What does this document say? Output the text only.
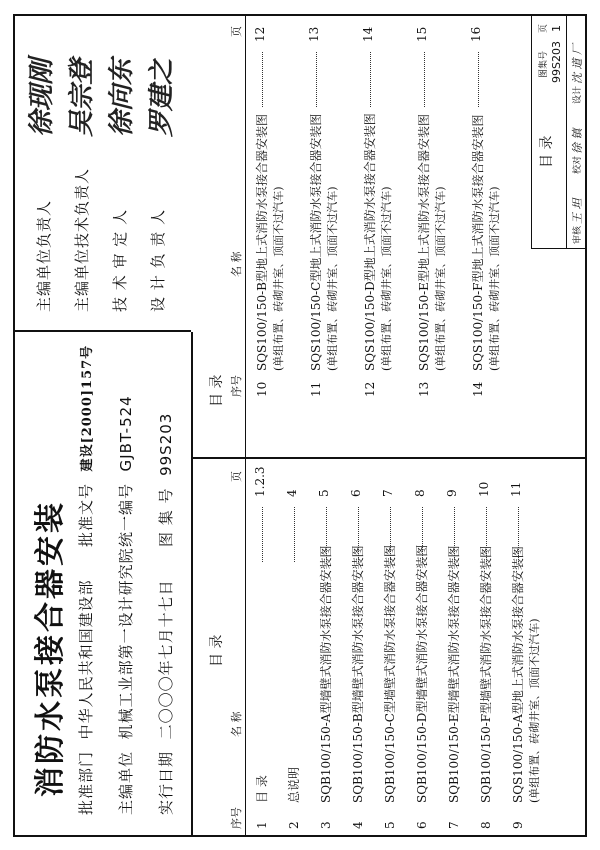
消防水泵接合器安装 批准部门  中华人民共和国建设部
主编单位  机械工业部第一设计研究院
实行日期  二〇〇〇年七月十七日
批准文号  建设[2000]157号
统一编号  GJBT-524
图 集 号  99S203
主编单位负责人 主编单位技术负责人 技 术 审 定 人 设 计 负 责 人
徐现刚 吴宗登 徐向东 罗建之
目 录
目 录
序号
名 称
页
序号
名 称
页
1目 录
1.2.3
2总说明
4
3SQB100/150-A型墙壁式消防水泵接合器安装图
5
4SQB100/150-B型墙壁式消防水泵接合器安装图
6
5SQB100/150-C型墙壁式消防水泵接合器安装图
7
6SQB100/150-D型墙壁式消防水泵接合器安装图
8
7SQB100/150-E型墙壁式消防水泵接合器安装图
9
8SQB100/150-F型墙壁式消防水泵接合器安装图
10
9SQS100/150-A型地上式消防水泵接合器安装图
11
(单组布置、砖砌井室、顶面不过汽车)
10SQS100/150-B型地上式消防水泵接合器安装图
12
(单组布置、砖砌井室、顶面不过汽车)
11SQS100/150-C型地上式消防水泵接合器安装图
13
(单组布置、砖砌井室、顶面不过汽车)
12SQS100/150-D型地上式消防水泵接合器安装图
14
(单组布置、砖砌井室、顶面不过汽车)
13SQS100/150-E型地上式消防水泵接合器安装图
15
(单组布置、砖砌井室、顶面不过汽车)
14SQS100/150-F型地上式消防水泵接合器安装图
16
(单组布置、砖砌井室、顶面不过汽车)
目 录
图集号 99S203
页 1
审核
王 坦
校对
徐 镇
设计
沈 道 厂
